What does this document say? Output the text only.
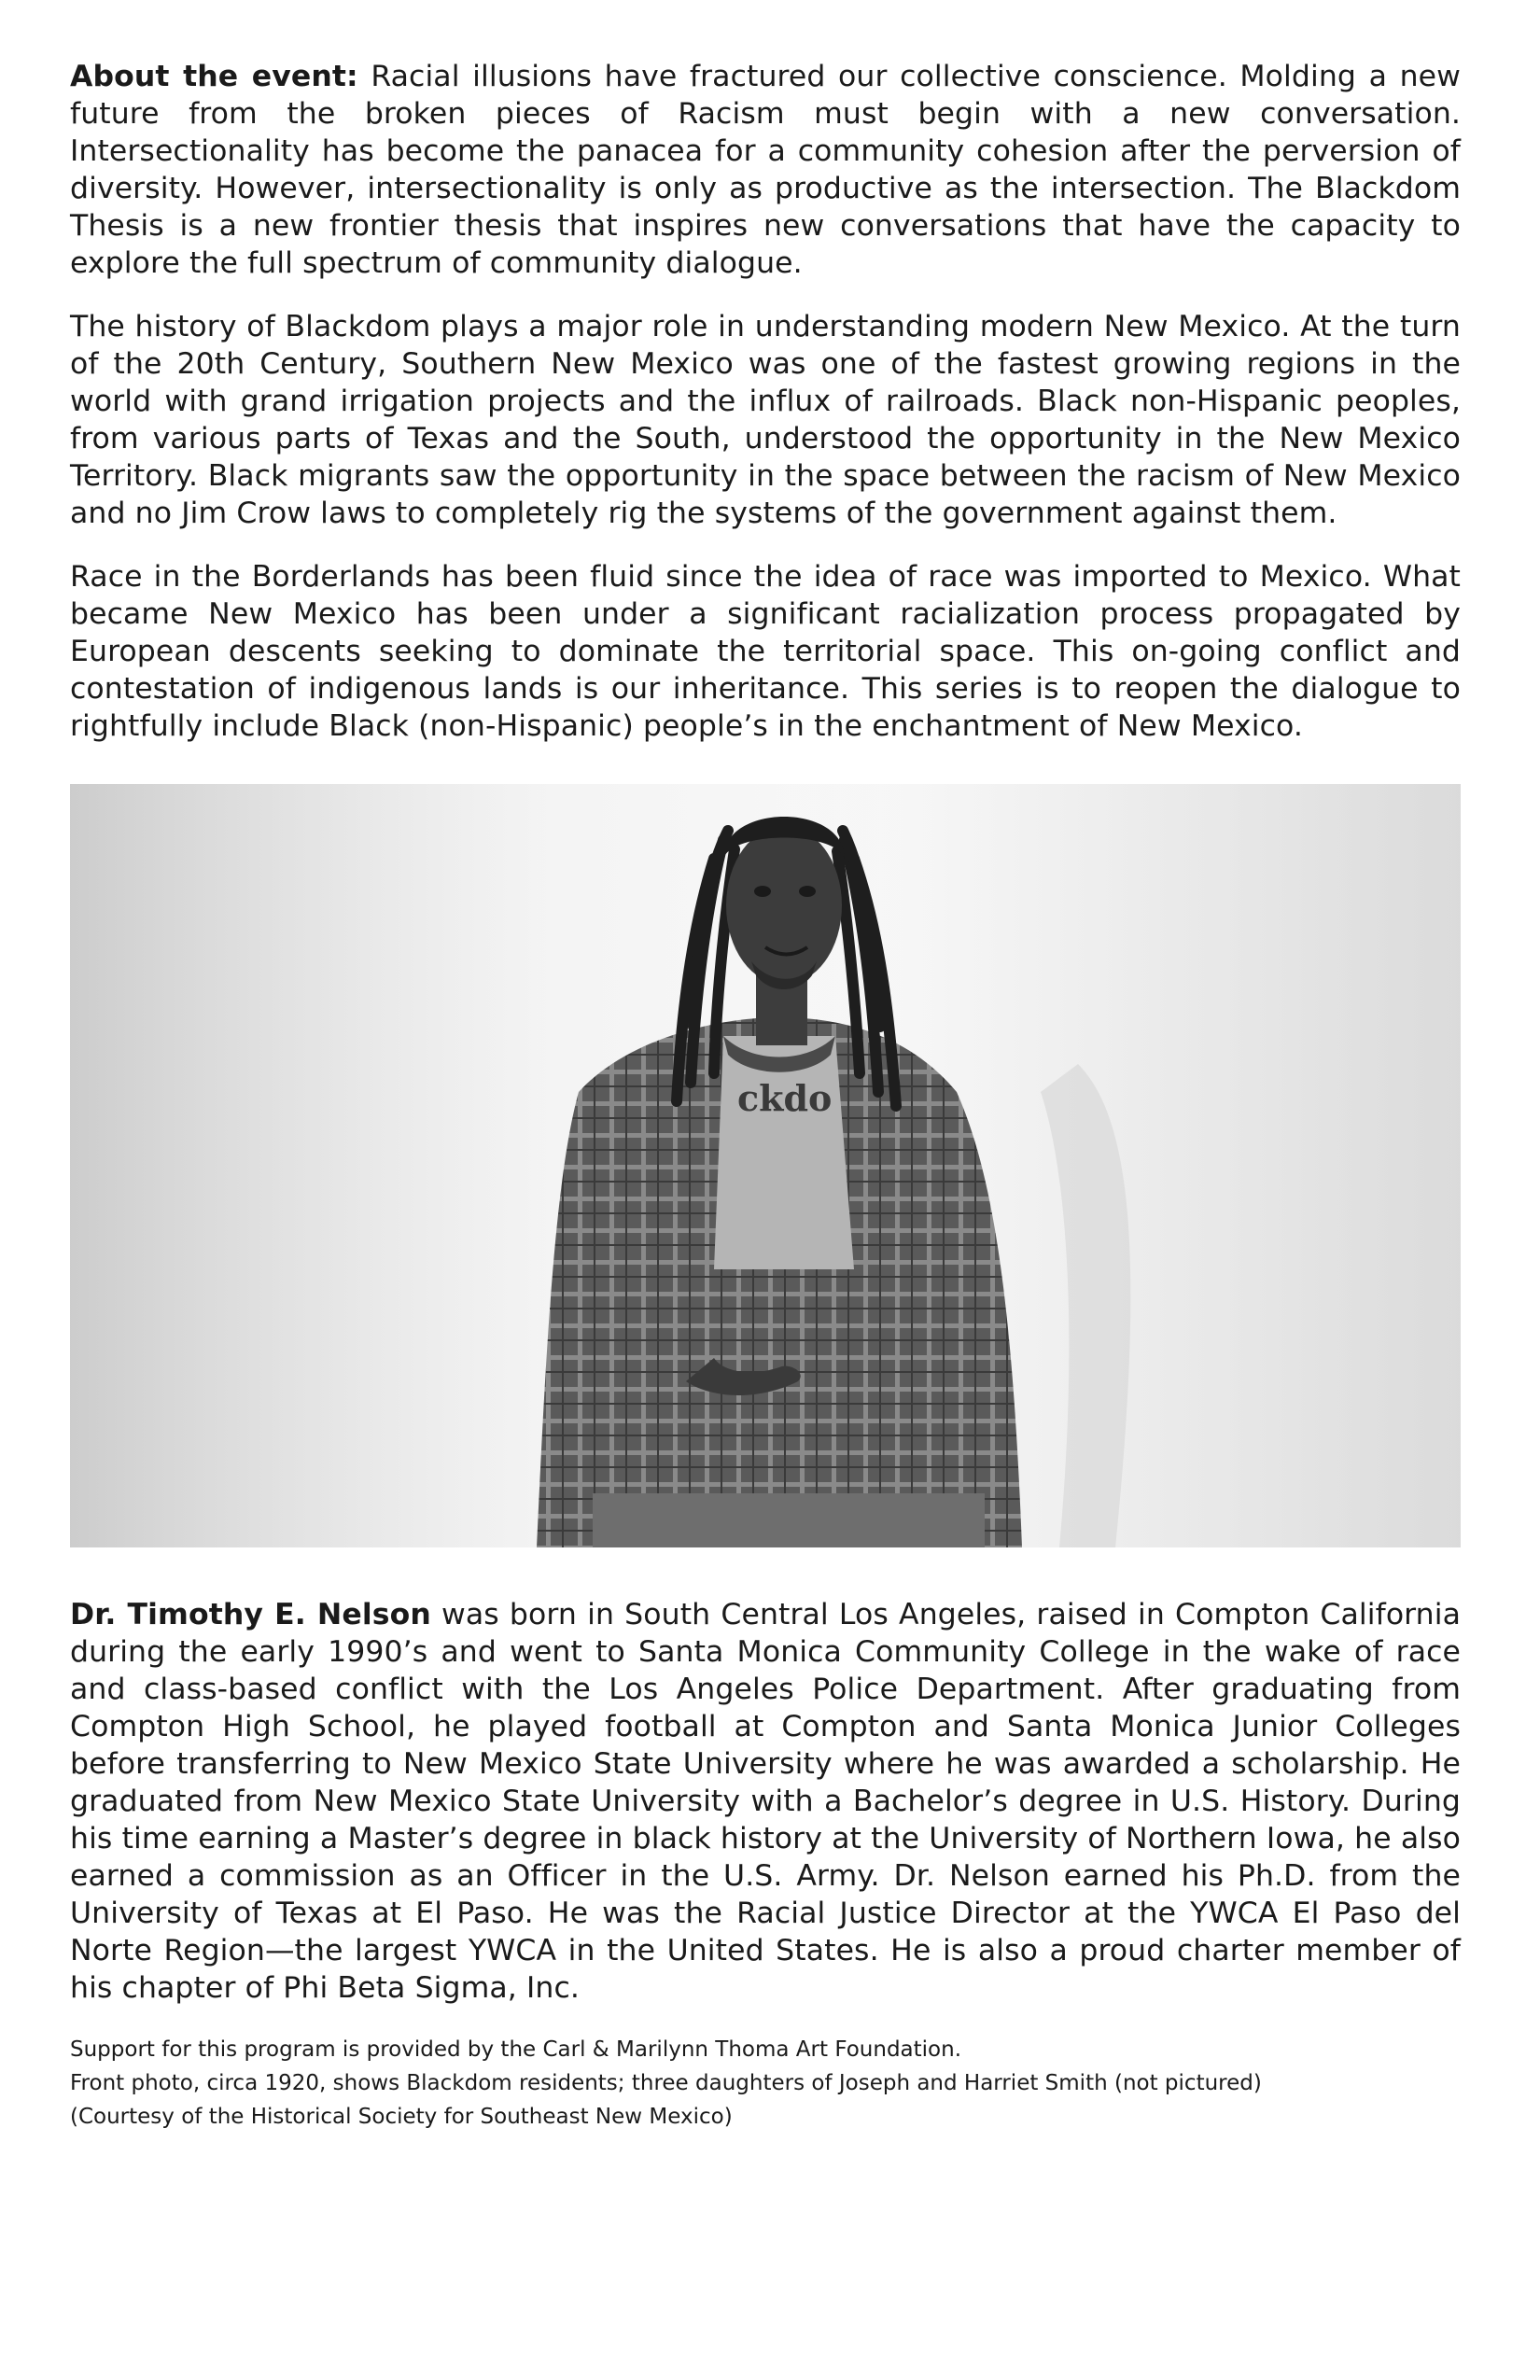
About the event: Racial illusions have fractured our collective conscience. Molding a new future from the broken pieces of Racism must begin with a new conversation. Intersectionality has become the panacea for a community cohesion after the perversion of diversity. However, intersectionality is only as productive as the intersection. The Blackdom Thesis is a new frontier thesis that inspires new conversations that have the capacity to explore the full spectrum of community dialogue.

The history of Blackdom plays a major role in understanding modern New Mexico. At the turn of the 20th Century, Southern New Mexico was one of the fastest growing regions in the world with grand irrigation projects and the influx of railroads. Black non-Hispanic peoples, from various parts of Texas and the South, understood the opportunity in the New Mexico Territory. Black migrants saw the opportunity in the space between the racism of New Mexico and no Jim Crow laws to completely rig the systems of the government against them.

Race in the Borderlands has been fluid since the idea of race was imported to Mexico. What became New Mexico has been under a significant racialization process propagated by European descents seeking to dominate the territorial space. This on-going conflict and contestation of indigenous lands is our inheritance. This series is to reopen the dialogue to rightfully include Black (non-Hispanic) people’s in the enchantment of New Mexico.

ckdo

Dr. Timothy E. Nelson was born in South Central Los Angeles, raised in Compton California during the early 1990’s and went to Santa Monica Community College in the wake of race and class-based conflict with the Los Angeles Police Department. After graduating from Compton High School, he played football at Compton and Santa Monica Junior Colleges before transferring to New Mexico State University where he was awarded a scholarship. He graduated from New Mexico State University with a Bachelor’s degree in U.S. History. During his time earning a Master’s degree in black history at the University of Northern Iowa, he also earned a commission as an Officer in the U.S. Army. Dr. Nelson earned his Ph.D. from the University of Texas at El Paso. He was the Racial Justice Director at the YWCA El Paso del Norte Region—the largest YWCA in the United States. He is also a proud charter member of his chapter of Phi Beta Sigma, Inc.

Support for this program is provided by the Carl & Marilynn Thoma Art Foundation.

Front photo, circa 1920, shows Blackdom residents; three daughters of Joseph and Harriet Smith (not pictured)

(Courtesy of the Historical Society for Southeast New Mexico)
